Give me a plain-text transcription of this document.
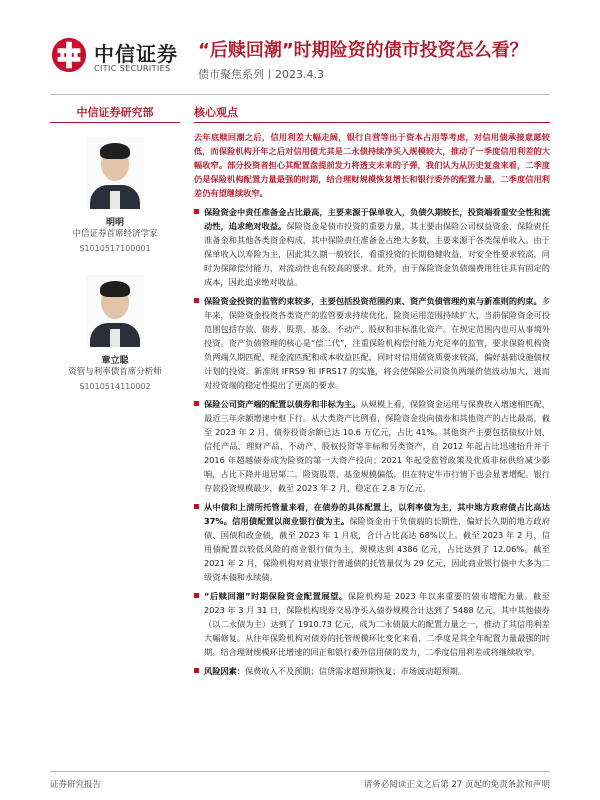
中信证券
CITIC SECURITIES
“后赎回潮”时期险资的债市投资怎么看？
债市聚焦系列丨2023.4.3
中信证券研究部
明明
中信证券首席经济学家
S1010517100001
章立聪
资管与利率债首席分析师
S1010514110002
核心观点
去年底赎回潮之后，信用利差大幅走阔，银行自营等出于资本占用等考虑，对信用债承接意愿较低，而保险机构开年之后对信用债尤其是二永债持续净买入规模较大，推动了一季度信用利差的大幅收窄。部分投资者担心其配置盘提前发力将透支未来的子弹，我们认为从历史复盘来看，二季度仍是保险机构配置力量最强的时期，结合理财规模恢复增长和银行委外的配置力量，二季度信用利差仍有望继续收窄。
保险资金中责任准备金占比最高，主要来源于保单收入，负债久期较长，投资端看重安全性和流动性，追求绝对收益。保险资金是债市投资的重要力量，其主要由保险公司权益资金、保险责任准备金和其他各类资金构成，其中保险责任准备金占绝大多数，主要来源于各类保单收入。由于保单收入以寿险为主，因此其久期一般较长，看重投资的长期稳健收益，对安全性要求较高，同时为保障偿付能力，对流动性也有较高的要求。此外，由于保险资金负债端费用往往具有固定的成本，因此追求绝对收益。
保险资金投资的监管约束较多，主要包括投资范围约束、资产负债管理约束与新准则的约束。多年来，保险资金投资各类资产的监管要求持续优化，险资运用范围持续扩大，当前保险资金可投范围包括存款、债券、股票、基金、不动产、股权和非标准化资产。在规定范围内也可从事境外投资。资产负债管理的核心是“偿二代”，注重保险机构偿付能力充足率的监管，要求保险机构资负两端久期匹配、现金流匹配和成本收益匹配，同时对信用债资质要求较高，偏好基础设施债权计划的投资。新准则 IFRS9 和 IFRS17 的实施，将会使保险公司资负两端价值波动加大，进而对投资端的稳定性提出了更高的要求。
保险公司资产端的配置以债券和非标为主。从规模上看，保险资金运用与保费收入增速相匹配，最近三年余额增速中枢下行。从大类资产比例看，保险资金投向债券和其他资产的占比最高，截至 2023 年 2 月，债券投资余额已达 10.6 万亿元，占比 41%。其他资产主要包括债权计划、信托产品、理财产品、不动产、股权投资等非标和另类资产，自 2012 年起占比迅速抬升并于 2016 年超越债券成为险资的第一大资产投向；2021 年起受监管政策及优质非标供给减少影响，占比下降并退居第二。险资股票、基金规模偏低，但在特定牛市行情下也会显著增配。银行存款投资规模最少，截至 2023 年 2 月，稳定在 2.8 万亿元。
从中债和上清所托管量来看，在债券的具体配置上，以利率债为主，其中地方政府债占比高达 37%。信用债配置以商业银行债为主。保险资金由于负债端的长期性，偏好长久期的地方政府债、国债和政金债，截至 2023 年 1 月底，合计占比高达 68%以上。截至 2023 年 2 月，信用债配置以较低风险的商业银行债为主，规模达到 4386 亿元，占比达到了 12.06%。截至 2021 年 2 月，保险机构对商业银行普通债的托管量仅为 29 亿元，因此商业银行债中大多为二级资本债和永续债。
“后赎回潮”时期保险资金配置展望。保险机构是 2023 年以来重要的债市增配力量。截至 2023 年 3 月 31 日，保险机构现券交易净买入债券规模合计达到了 5488 亿元，其中其他债券（以二永债为主）达到了 1910.73 亿元，成为二永债最大的配置力量之一，推动了其信用利差大幅修复。从往年保险机构对债券的托管规模环比变化来看，二季度是其全年配置力量最强的时期。结合理财规模环比增速的回正和银行委外信用债的发力，二季度信用利差或将继续收窄。
风险因素：保费收入不及预期；信贷需求超预期恢复；市场波动超预期。
证券研究报告	请务必阅读正文之后第 27 页起的免责条款和声明
